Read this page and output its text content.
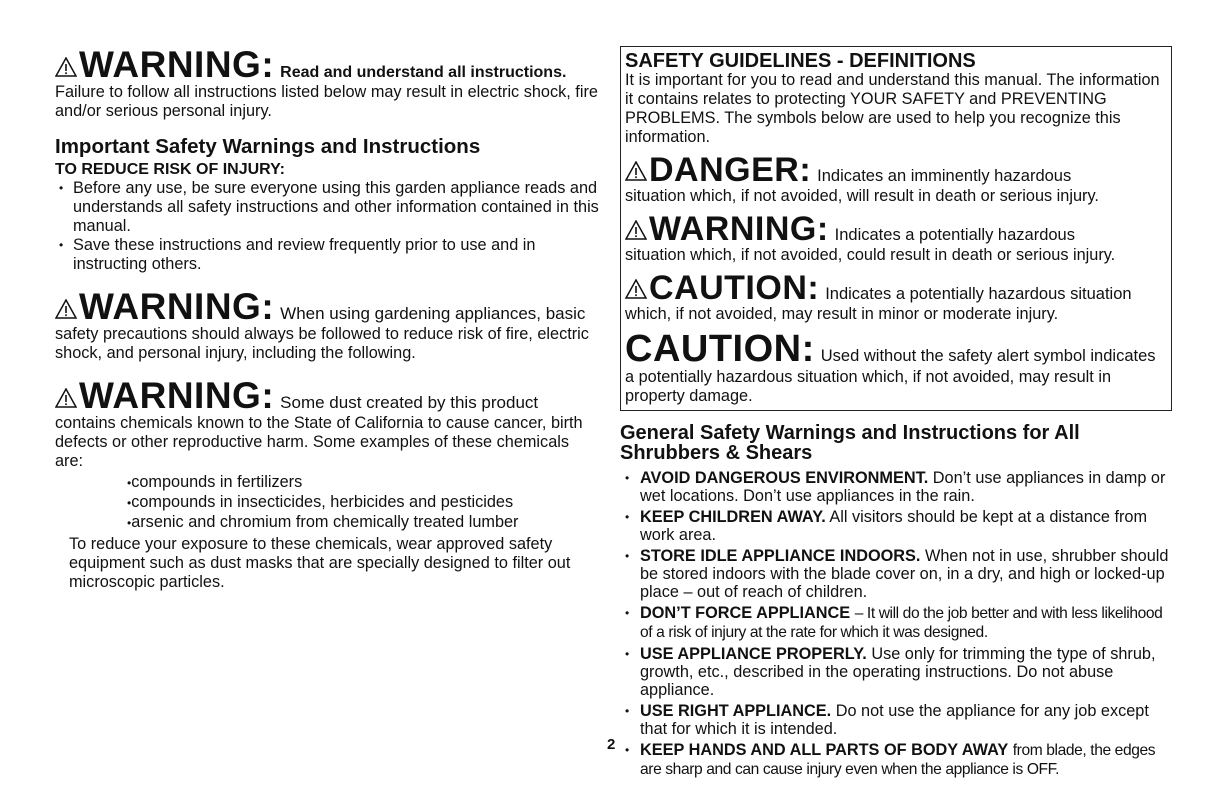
WARNING: Read and understand all instructions.

Failure to follow all instructions listed below may result in electric shock, fire and/or serious personal injury.

Important Safety Warnings and Instructions
TO REDUCE RISK OF INJURY:
• Before any use, be sure everyone using this garden appliance reads and understands all safety instructions and other information contained in this manual.
• Save these instructions and review frequently prior to use and in instructing others.

WARNING: When using gardening appliances, basic

safety precautions should always be followed to reduce risk of fire, electric shock, and personal injury, including the following.

WARNING: Some dust created by this product

contains chemicals known to the State of California to cause cancer, birth defects or other reproductive harm. Some examples of these chemicals are:

• compounds in fertilizers
• compounds in insecticides, herbicides and pesticides
• arsenic and chromium from chemically treated lumber

To reduce your exposure to these chemicals, wear approved safety equipment such as dust masks that are specially designed to filter out microscopic particles.

SAFETY GUIDELINES - DEFINITIONS

It is important for you to read and understand this manual. The information it contains relates to protecting YOUR SAFETY and PREVENTING PROBLEMS. The symbols below are used to help you recognize this information.

DANGER: Indicates an imminently hazardous

situation which, if not avoided, will result in death or serious injury.

WARNING: Indicates a potentially hazardous

situation which, if not avoided, could result in death or serious injury.

CAUTION: Indicates a potentially hazardous situation

which, if not avoided, may result in minor or moderate injury.

CAUTION: Used without the safety alert symbol indicates

a potentially hazardous situation which, if not avoided, may result in property damage.

General Safety Warnings and Instructions for All Shrubbers & Shears
• AVOID DANGEROUS ENVIRONMENT. Don’t use appliances in damp or wet locations. Don’t use appliances in the rain.
• KEEP CHILDREN AWAY. All visitors should be kept at a distance from work area.
• STORE IDLE APPLIANCE INDOORS. When not in use, shrubber should be stored indoors with the blade cover on, in a dry, and high or locked-up place – out of reach of children.
• DON’T FORCE APPLIANCE – It will do the job better and with less likelihood of a risk of injury at the rate for which it was designed.
• USE APPLIANCE PROPERLY. Use only for trimming the type of shrub, growth, etc., described in the operating instructions. Do not abuse appliance.
• USE RIGHT APPLIANCE. Do not use the appliance for any job except that for which it is intended.
• KEEP HANDS AND ALL PARTS OF BODY AWAY from blade, the edges are sharp and can cause injury even when the appliance is OFF.
2
